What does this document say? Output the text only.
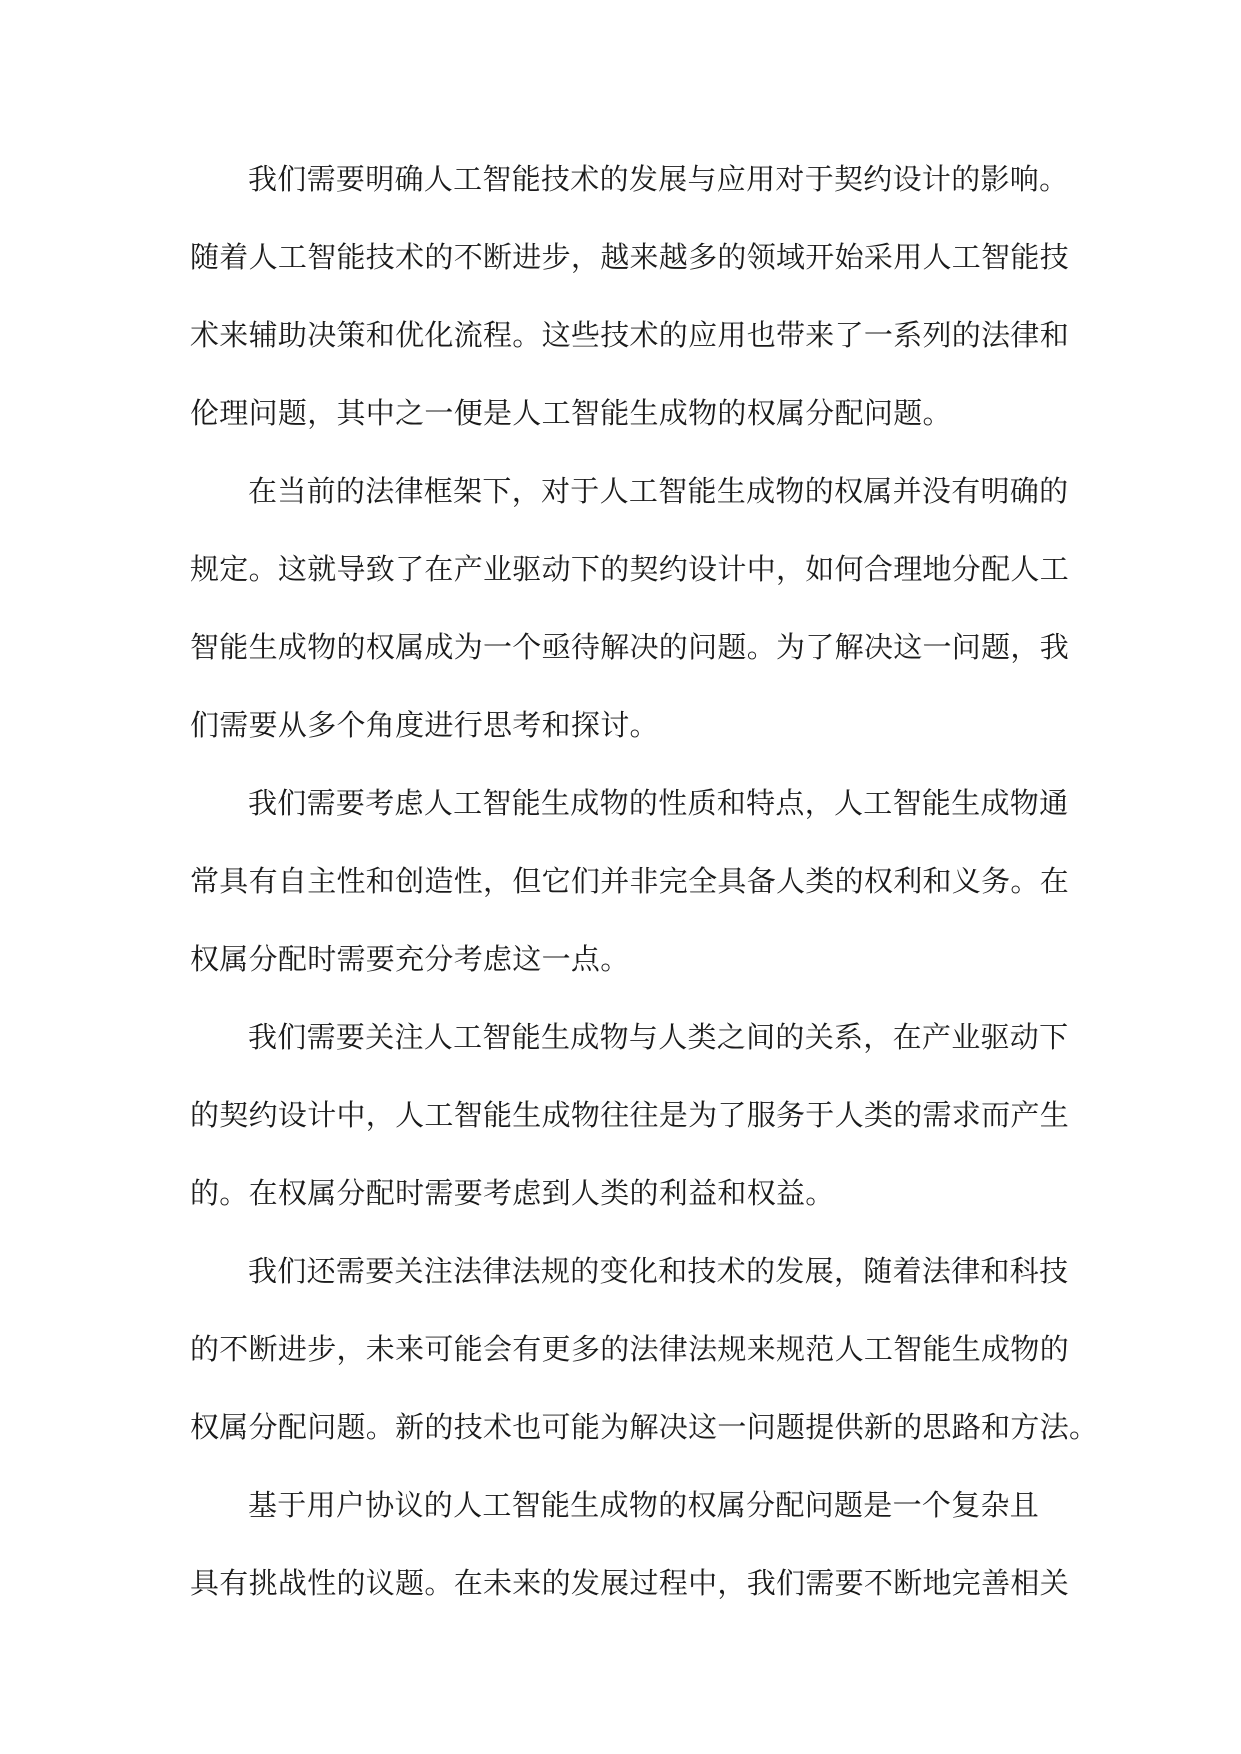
我们需要明确人工智能技术的发展与应用对于契约设计的影响。
随着人工智能技术的不断进步，越来越多的领域开始采用人工智能技
术来辅助决策和优化流程。这些技术的应用也带来了一系列的法律和
伦理问题，其中之一便是人工智能生成物的权属分配问题。
在当前的法律框架下，对于人工智能生成物的权属并没有明确的
规定。这就导致了在产业驱动下的契约设计中，如何合理地分配人工
智能生成物的权属成为一个亟待解决的问题。为了解决这一问题，我
们需要从多个角度进行思考和探讨。
我们需要考虑人工智能生成物的性质和特点，人工智能生成物通
常具有自主性和创造性，但它们并非完全具备人类的权利和义务。在
权属分配时需要充分考虑这一点。
我们需要关注人工智能生成物与人类之间的关系，在产业驱动下
的契约设计中，人工智能生成物往往是为了服务于人类的需求而产生
的。在权属分配时需要考虑到人类的利益和权益。
我们还需要关注法律法规的变化和技术的发展，随着法律和科技
的不断进步，未来可能会有更多的法律法规来规范人工智能生成物的
权属分配问题。新的技术也可能为解决这一问题提供新的思路和方法。
基于用户协议的人工智能生成物的权属分配问题是一个复杂且
具有挑战性的议题。在未来的发展过程中，我们需要不断地完善相关
